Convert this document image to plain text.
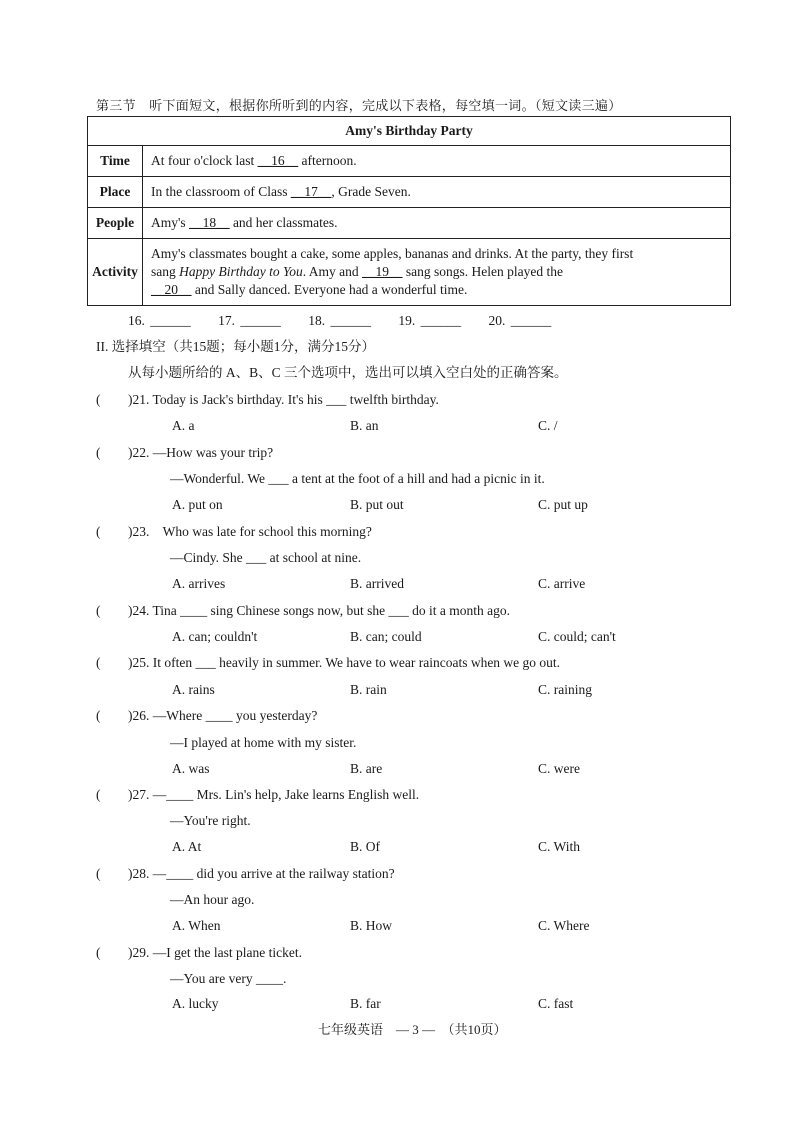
第三节　听下面短文，根据你所听到的内容，完成以下表格，每空填一词。（短文读三遍）
Amy's Birthday Party	
Time	At four o'clock last __16__ afternoon.
Place	In the classroom of Class __17__, Grade Seven.
People	Amy's __18__ and her classmates.
Activity	Amy's classmates bought a cake, some apples, bananas and drinks. At the party, they first
sang Happy Birthday to You. Amy and __19__ sang songs. Helen played the
__20__ and Sally danced. Everyone had a wonderful time.
16. ______ 17. ______ 18. ______ 19. ______ 20. ______
II. 选择填空（共15题；每小题1分，满分15分）
从每小题所给的 A、B、C 三个选项中，选出可以填入空白处的正确答案。
( )21. Today is Jack's birthday. It's his ___ twelfth birthday.
A. a	B. an	C. /
( )22. —How was your trip?
—Wonderful. We ___ a tent at the foot of a hill and had a picnic in it.
A. put on	B. put out	C. put up
( )23.    Who was late for school this morning?
—Cindy. She ___ at school at nine.
A. arrives	B. arrived	C. arrive
( )24. Tina ____ sing Chinese songs now, but she ___ do it a month ago.
A. can; couldn't	B. can; could	C. could; can't
( )25. It often ___ heavily in summer. We have to wear raincoats when we go out.
A. rains	B. rain	C. raining
( )26. —Where ____ you yesterday?
—I played at home with my sister.
A. was	B. are	C. were
( )27. —____ Mrs. Lin's help, Jake learns English well.
—You're right.
A. At	B. Of	C. With
( )28. —____ did you arrive at the railway station?
—An hour ago.
A. When	B. How	C. Where
( )29. —I get the last plane ticket.
—You are very ____.
A. lucky	B. far	C. fast
七年级英语　— 3 —　（共10页）
